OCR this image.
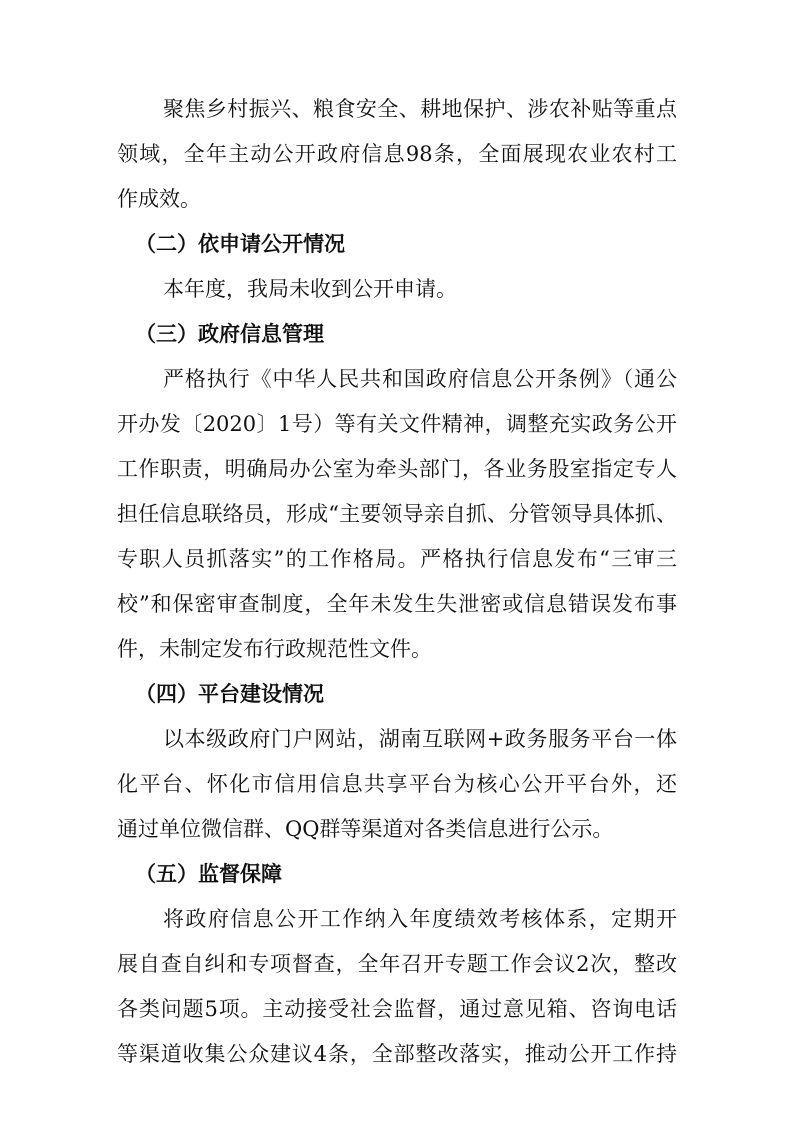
聚焦乡村振兴、粮食安全、耕地保护、涉农补贴等重点
领域，全年主动公开政府信息98条，全面展现农业农村工
作成效。
（二）依申请公开情况
本年度，我局未收到公开申请。
（三）政府信息管理
严格执行《中华人民共和国政府信息公开条例》（通公
开办发〔2020〕1号）等有关文件精神，调整充实政务公开
工作职责，明确局办公室为牵头部门，各业务股室指定专人
担任信息联络员，形成“主要领导亲自抓、分管领导具体抓、
专职人员抓落实”的工作格局。严格执行信息发布“三审三
校”和保密审查制度，全年未发生失泄密或信息错误发布事
件，未制定发布行政规范性文件。
（四）平台建设情况
以本级政府门户网站，湖南互联网+政务服务平台一体
化平台、怀化市信用信息共享平台为核心公开平台外，还
通过单位微信群、QQ群等渠道对各类信息进行公示。
（五）监督保障
将政府信息公开工作纳入年度绩效考核体系，定期开
展自查自纠和专项督查，全年召开专题工作会议2次，整改
各类问题5项。主动接受社会监督，通过意见箱、咨询电话
等渠道收集公众建议4条，全部整改落实，推动公开工作持
